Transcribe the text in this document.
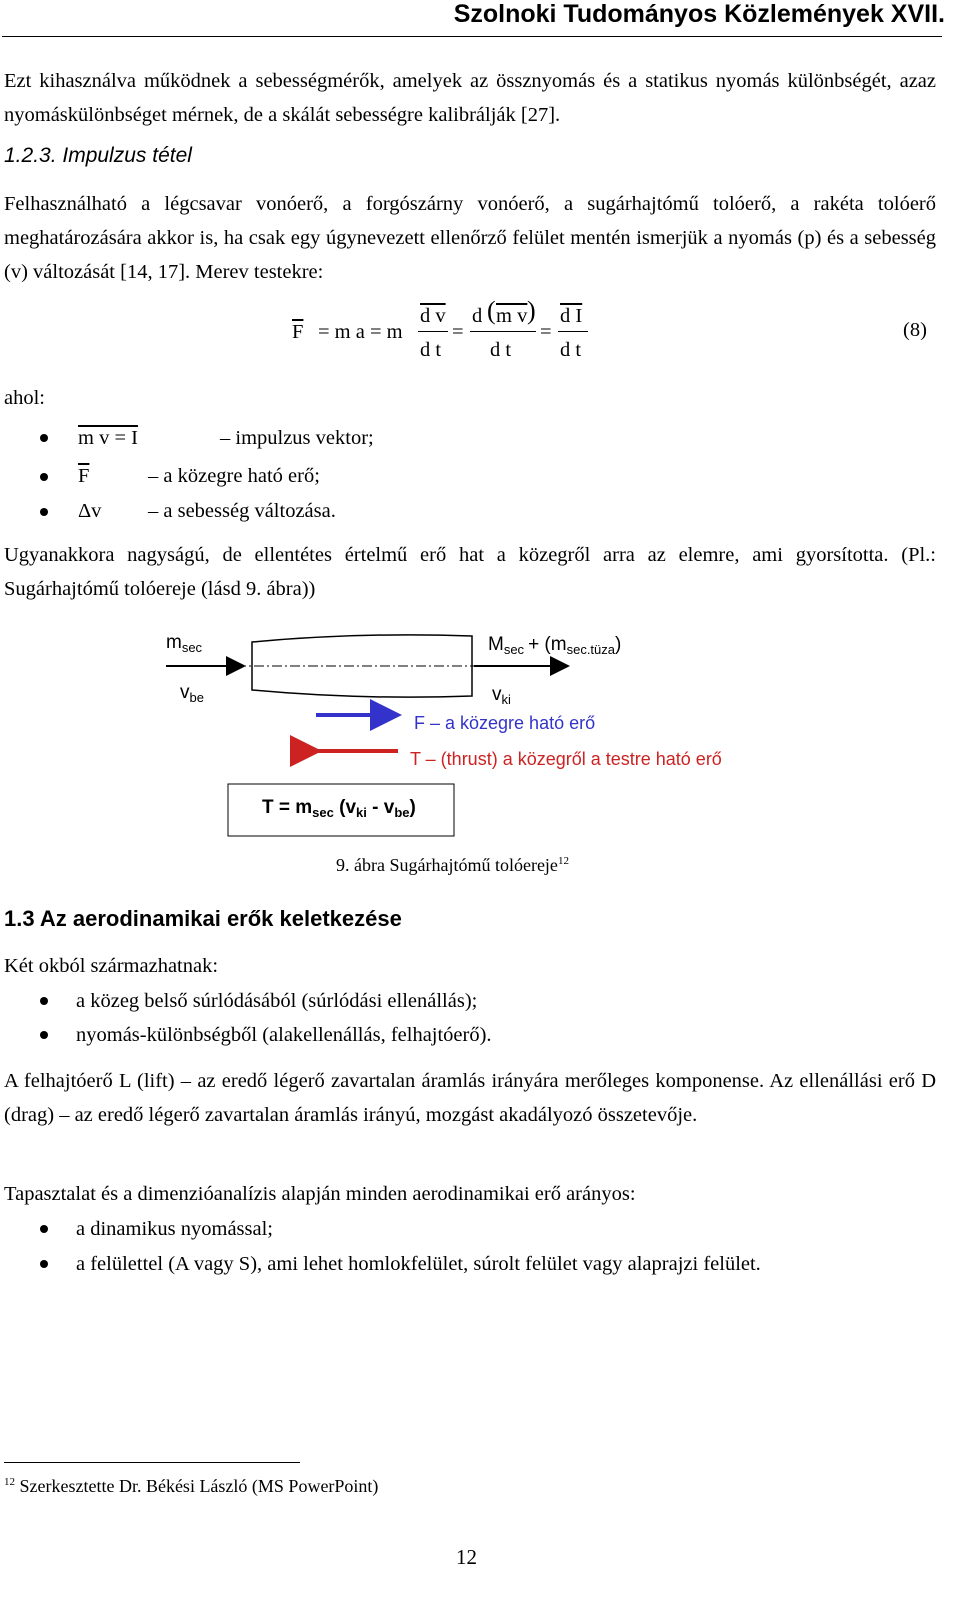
Szolnoki Tudományos Közlemények XVII.
Ezt kihasználva működnek a sebességmérők, amelyek az össznyomás és a statikus nyomás különbségét, azaz nyomáskülönbséget mérnek, de a skálát sebességre kalibrálják [27].
1.2.3. Impulzus tétel
Felhasználható a légcsavar vonóerő, a forgószárny vonóerő, a sugárhajtómű tolóerő, a rakéta tolóerő meghatározására akkor is, ha csak egy úgynevezett ellenőrző felület mentén ismerjük a nyomás (p) és a sebesség (v) változását [14, 17]. Merev testekre:
$\overline{F} = m$ a = m
d v
d t
=
d ( m v )
d t
=
d I
d t
(8)
ahol:
m v = I	– impulzus vektor;
$\overline{F}$	– a közegre ható erő;
Δv – a sebesség változása.
Ugyanakkora nagyságú, de ellentétes értelmű erő hat a közegről arra az elemre, ami gyorsította. (Pl.: Sugárhajtómű tolóereje (lásd 9. ábra))
$m_{sec}$
$v_{be}$
$M_{sec} + (m_{sec.tüza})$
$v_{ki}$
F – a közegre ható erő
T – (thrust) a közegről a testre ható erő
$T = m_{sec}$ $(v_{ki} - v_{be})$
9. ábra Sugárhajtómű tolóereje$^{12}$
1.3 Az aerodinamikai erők keletkezése
Két okból származhatnak:
a közeg belső súrlódásából (súrlódási ellenállás);
nyomás-különbségből (alakellenállás, felhajtóerő).
A felhajtóerő L (lift) – az eredő légerő zavartalan áramlás irányára merőleges komponense. Az ellenállási erő D (drag) – az eredő légerő zavartalan áramlás irányú, mozgást akadályozó összetevője.
Tapasztalat és a dimenzióanalízis alapján minden aerodinamikai erő arányos:
a dinamikus nyomással;
a felülettel (A vagy S), ami lehet homlokfelület, súrolt felület vagy alaprajzi felület.
$^{12}$ Szerkesztette Dr. Békési László (MS PowerPoint)
12
